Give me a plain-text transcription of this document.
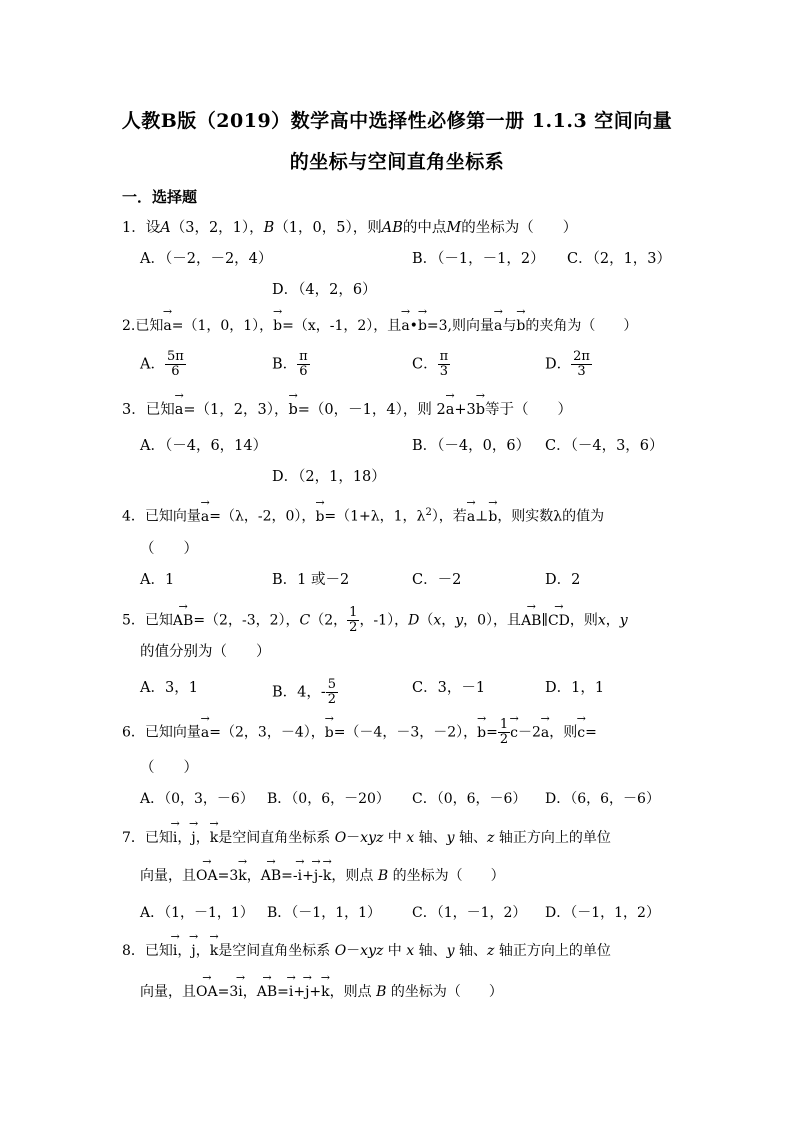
人教B版（2019）数学高中选择性必修第一册 1.1.3 空间向量
的坐标与空间直角坐标系
一．选择题
1．设A（3，2，1），B（1，0，5），则AB的中点M的坐标为（　　）
A．（－2，－2，4）	B．（－1，－1，2） C．（2，1，3）
D．（4，2，6）
2.已知→ a=（1，0，1），→ b=（x，-1，2），且→ a•→ b=3,则向量→ a与→ b的夹角为（　　）
A． $\frac{5\pi}{6}$	B． $\frac{\pi}{6}$	C． $\frac{\pi}{3}$	D． $\frac{2\pi}{3}$
3．已知→ a=（1，2，3），→ b=（0，－1，4），则 2→ a+3→ b等于（　　）
A．（－4，6，14）	B．（－4，0，6） C．（－4，3，6）
D．（2，1，18）
4．已知向量→ a=（λ，-2，0），→ b=（1+λ，1，$\lambda^2$），若→ a⊥→ b，则实数λ的值为
（　　）
A．1	B．1 或－2	C．－2	D．2
5．已知→ AB=（2，-3，2），C（2， $\frac{1}{2}$ ，-1），D（x，y，0），且→ AB∥→ CD，则x，y
的值分别为（　　）
A．3，1	B．4，- $\frac{5}{2}$	C．3，－1	D．1，1
6．已知向量→ a=（2，3，－4），→ b=（－4，－3，－2），→ $b= \frac{1}{2}$
→ c－2→ a，则→ c=
（　　）
A．（0，3，－6） B．（0，6，－20） C．（0，6，－6） D．（6，6，－6）
7．已知→ i，→ j，→ k是空间直角坐标系 O－xyz 中 x 轴、y 轴、z 轴正方向上的单位
向量，且→ OA=3→ k，→ AB=-→ i+→ j-→ k，则点 B 的坐标为（　　）
A．（1，－1，1） B．（－1，1，1） C．（1，－1，2） D．（－1，1，2）
8．已知→ i，→ j，→ k是空间直角坐标系 O－xyz 中 x 轴、y 轴、z 轴正方向上的单位
向量，且→ OA=3→ i，→ AB=→ i+→ j+→ k，则点 B 的坐标为（　　）
